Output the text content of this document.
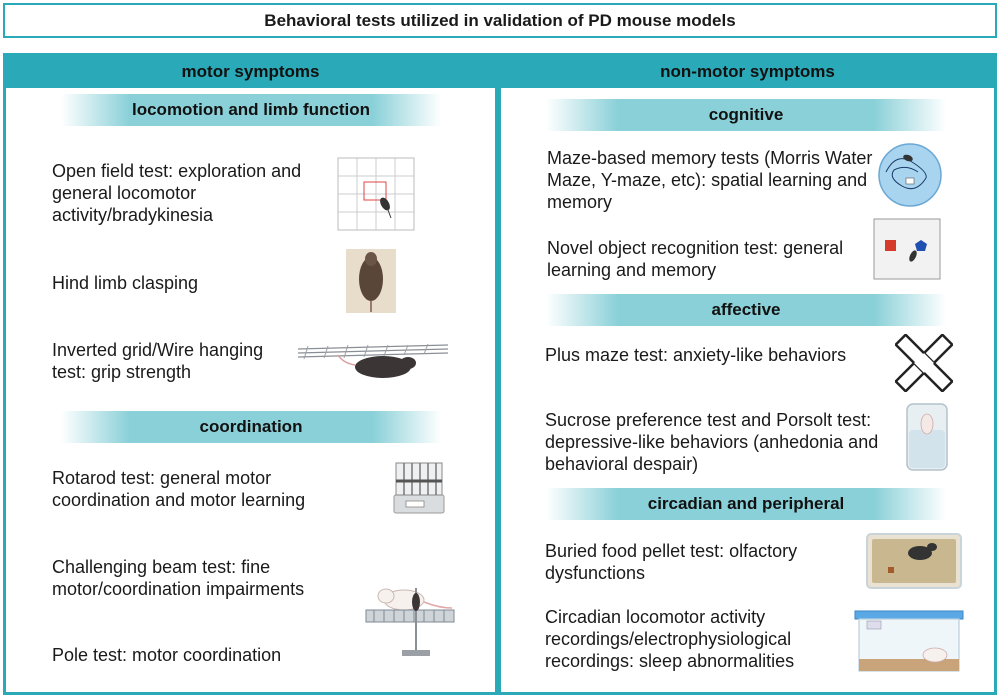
Behavioral tests utilized in validation of PD mouse models
motor symptoms
locomotion and limb function
Open field test: exploration and general locomotor activity/bradykinesia
Hind limb clasping
Inverted grid/Wire hanging test: grip strength
coordination
Rotarod test: general motor coordination and motor learning
Challenging beam test: fine motor/coordination impairments
Pole test: motor coordination
non-motor symptoms
cognitive
Maze-based memory tests (Morris Water Maze, Y-maze, etc): spatial learning and memory
Novel object recognition test: general learning and memory
affective
Plus maze test: anxiety-like behaviors
Sucrose preference test and Porsolt test: depressive-like behaviors (anhedonia and behavioral despair)
circadian and peripheral
Buried food pellet test: olfactory dysfunctions
Circadian locomotor activity recordings/electrophysiological recordings: sleep abnormalities
